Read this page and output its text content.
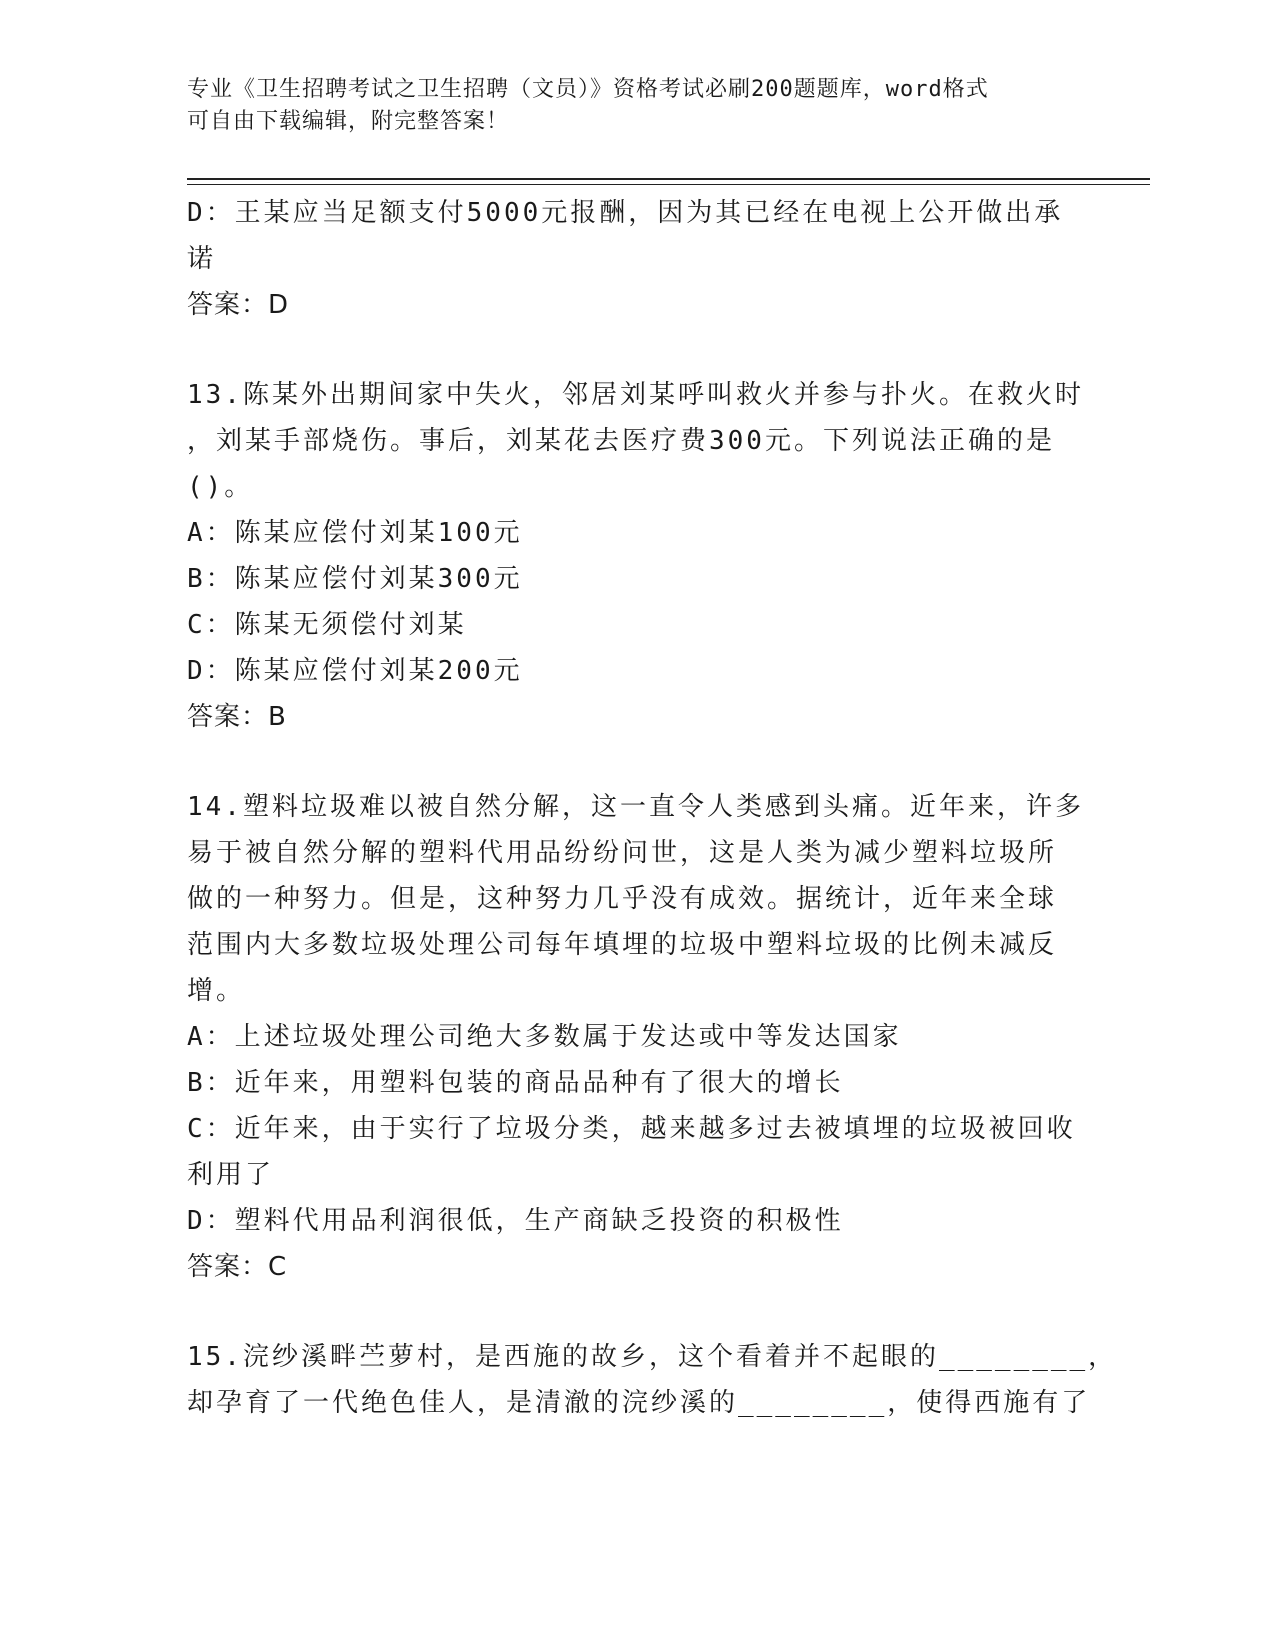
专业《卫生招聘考试之卫生招聘（文员）》资格考试必刷200题题库，word格式
可自由下载编辑，附完整答案！
D：王某应当足额支付5000元报酬，因为其已经在电视上公开做出承
诺
答案：D
13.陈某外出期间家中失火，邻居刘某呼叫救火并参与扑火。在救火时
，刘某手部烧伤。事后，刘某花去医疗费300元。下列说法正确的是
()。
A：陈某应偿付刘某100元
B：陈某应偿付刘某300元
C：陈某无须偿付刘某
D：陈某应偿付刘某200元
答案：B
14.塑料垃圾难以被自然分解，这一直令人类感到头痛。近年来，许多
易于被自然分解的塑料代用品纷纷问世，这是人类为减少塑料垃圾所
做的一种努力。但是，这种努力几乎没有成效。据统计，近年来全球
范围内大多数垃圾处理公司每年填埋的垃圾中塑料垃圾的比例未减反
增。
A：上述垃圾处理公司绝大多数属于发达或中等发达国家
B：近年来，用塑料包装的商品品种有了很大的增长
C：近年来，由于实行了垃圾分类，越来越多过去被填埋的垃圾被回收
利用了
D：塑料代用品利润很低，生产商缺乏投资的积极性
答案：C
15.浣纱溪畔苎萝村，是西施的故乡，这个看着并不起眼的________，
却孕育了一代绝色佳人，是清澈的浣纱溪的________，使得西施有了
